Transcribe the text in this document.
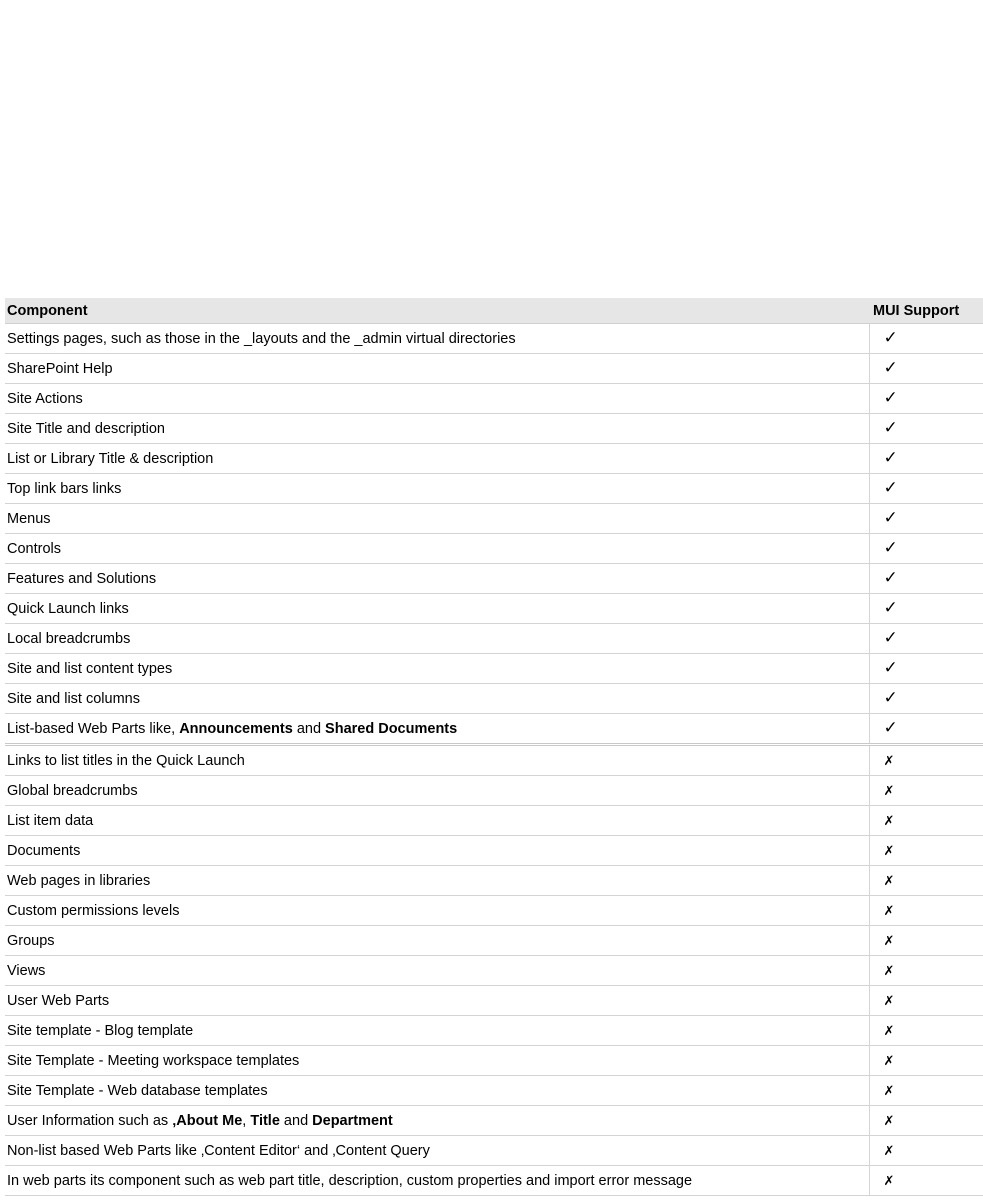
Component	MUI Support
Settings pages, such as those in the _layouts and the _admin virtual directories	✓
SharePoint Help	✓
Site Actions	✓
Site Title and description	✓
List or Library Title & description	✓
Top link bars links	✓
Menus	✓
Controls	✓
Features and Solutions	✓
Quick Launch links	✓
Local breadcrumbs	✓
Site and list content types	✓
Site and list columns	✓
List-based Web Parts like, Announcements and Shared Documents	✓
Links to list titles in the Quick Launch	✗
Global breadcrumbs	✗
List item data	✗
Documents	✗
Web pages in libraries	✗
Custom permissions levels	✗
Groups	✗
Views	✗
User Web Parts	✗
Site template - Blog template	✗
Site Template - Meeting workspace templates	✗
Site Template - Web database templates	✗
User Information such as ‚About Me, Title and Department	✗
Non-list based Web Parts like ‚Content Editor‘ and ‚Content Query	✗
In web parts its component such as web part title, description, custom properties and import error message	✗
